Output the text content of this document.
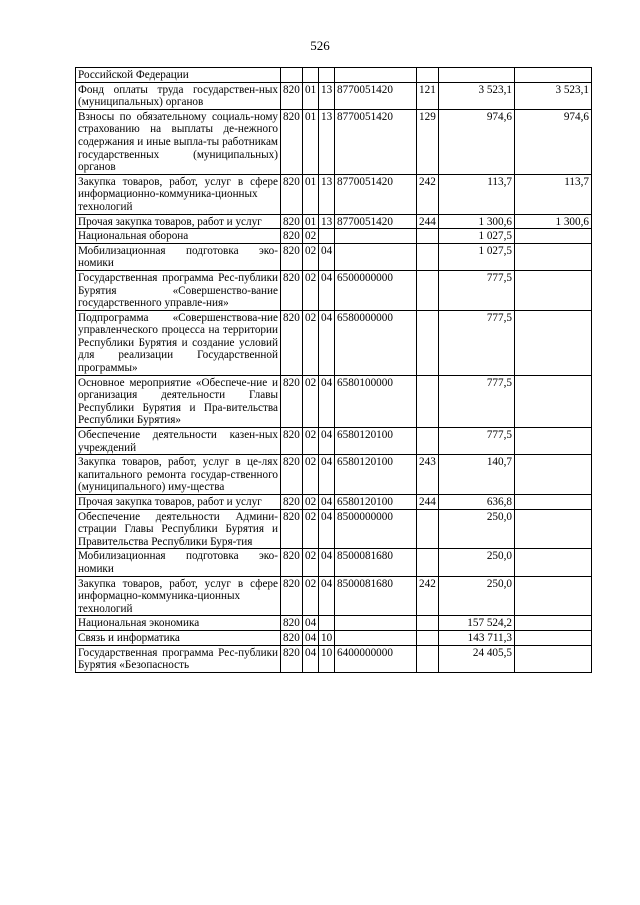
526
Российской Федерации							
Фонд оплаты труда государствен-ных (муниципальных) органов	820	01	13	8770051420	121	3 523,1	3 523,1
Взносы по обязательному социаль-ному страхованию на выплаты де-нежного содержания и иные выпла-ты работникам государственных (муниципальных) органов	820	01	13	8770051420	129	974,6	974,6
Закупка товаров, работ, услуг в сфере информационно-коммуника-ционных технологий	820	01	13	8770051420	242	113,7	113,7
Прочая закупка товаров, работ и услуг	820	01	13	8770051420	244	1 300,6	1 300,6
Национальная оборона	820	02				1 027,5	
Мобилизационная подготовка эко-номики	820	02	04			1 027,5	
Государственная программа Рес-публики Бурятия «Совершенство-вание государственного управле-ния»	820	02	04	6500000000		777,5	
Подпрограмма «Совершенствова-ние управленческого процесса на территории Республики Бурятия и создание условий для реализации Государственной программы»	820	02	04	6580000000		777,5	
Основное мероприятие «Обеспече-ние и организация деятельности Главы Республики Бурятия и Пра-вительства Республики Бурятия»	820	02	04	6580100000		777,5	
Обеспечение деятельности казен-ных учреждений	820	02	04	6580120100		777,5	
Закупка товаров, работ, услуг в це-лях капитального ремонта государ-ственного (муниципального) иму-щества	820	02	04	6580120100	243	140,7	
Прочая закупка товаров, работ и услуг	820	02	04	6580120100	244	636,8	
Обеспечение деятельности Админи-страции Главы Республики Бурятия и Правительства Республики Буря-тия	820	02	04	8500000000		250,0	
Мобилизационная подготовка эко-номики	820	02	04	8500081680		250,0	
Закупка товаров, работ, услуг в сфере информацно-коммуника-ционных технологий	820	02	04	8500081680	242	250,0	
Национальная экономика	820	04				157 524,2	
Связь и информатика	820	04	10			143 711,3	
Государственная программа Рес-публики Бурятия «Безопасность	820	04	10	6400000000		24 405,5	
